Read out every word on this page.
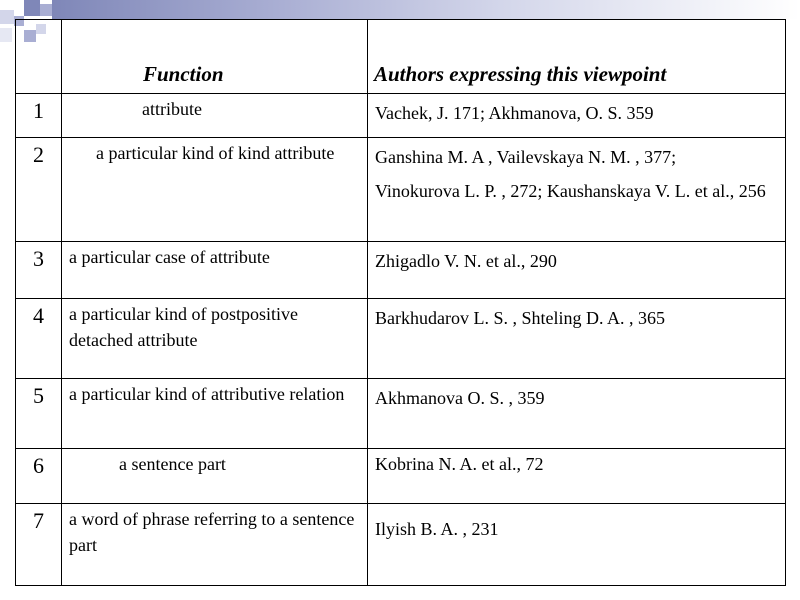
	Function	Authors expressing this viewpoint
1	attribute	Vachek, J. 171; Akhmanova, O. S. 359

2	a particular kind of kind attribute	Ganshina M. A , Vailevskaya N. M. , 377;

Vinokurova L. P. , 272; Kaushanskaya V. L. et al., 256

3	a particular case of attribute	Zhigadlo V. N. et al., 290

4	a particular kind of postpositive detached attribute	Barkhudarov L. S. , Shteling D. A. , 365

5	a particular kind of attributive relation	Akhmanova O. S. , 359

6	a sentence part	Kobrina N. A. et al., 72

7	a word of phrase referring to a sentence part	Ilyish B. A. , 231
